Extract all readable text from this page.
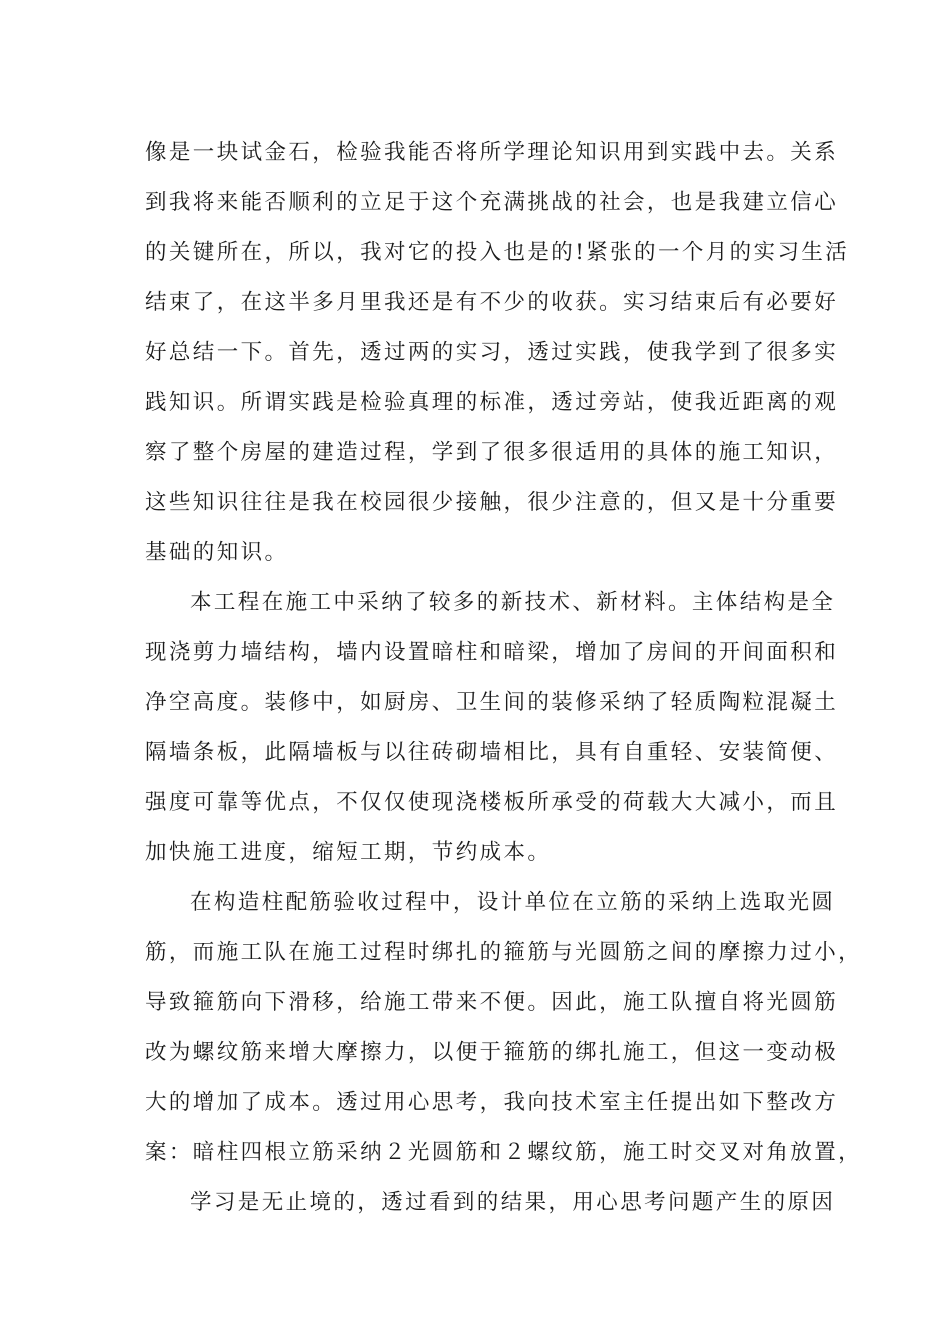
像是一块试金石，检验我能否将所学理论知识用到实践中去。关系
到我将来能否顺利的立足于这个充满挑战的社会，也是我建立信心
的关键所在，所以，我对它的投入也是的!紧张的一个月的实习生活
结束了，在这半多月里我还是有不少的收获。实习结束后有必要好
好总结一下。首先，透过两的实习，透过实践，使我学到了很多实
践知识。所谓实践是检验真理的标准，透过旁站，使我近距离的观
察了整个房屋的建造过程，学到了很多很适用的具体的施工知识，
这些知识往往是我在校园很少接触，很少注意的，但又是十分重要
基础的知识。
本工程在施工中采纳了较多的新技术、新材料。主体结构是全
现浇剪力墙结构，墙内设置暗柱和暗梁，增加了房间的开间面积和
净空高度。装修中，如厨房、卫生间的装修采纳了轻质陶粒混凝土
隔墙条板，此隔墙板与以往砖砌墙相比，具有自重轻、安装简便、
强度可靠等优点，不仅仅使现浇楼板所承受的荷载大大减小，而且
加快施工进度，缩短工期，节约成本。
在构造柱配筋验收过程中，设计单位在立筋的采纳上选取光圆
筋，而施工队在施工过程时绑扎的箍筋与光圆筋之间的摩擦力过小，
导致箍筋向下滑移，给施工带来不便。因此，施工队擅自将光圆筋
改为螺纹筋来增大摩擦力，以便于箍筋的绑扎施工，但这一变动极
大的增加了成本。透过用心思考，我向技术室主任提出如下整改方
案：暗柱四根立筋采纳２光圆筋和２螺纹筋，施工时交叉对角放置，
学习是无止境的，透过看到的结果，用心思考问题产生的原因
